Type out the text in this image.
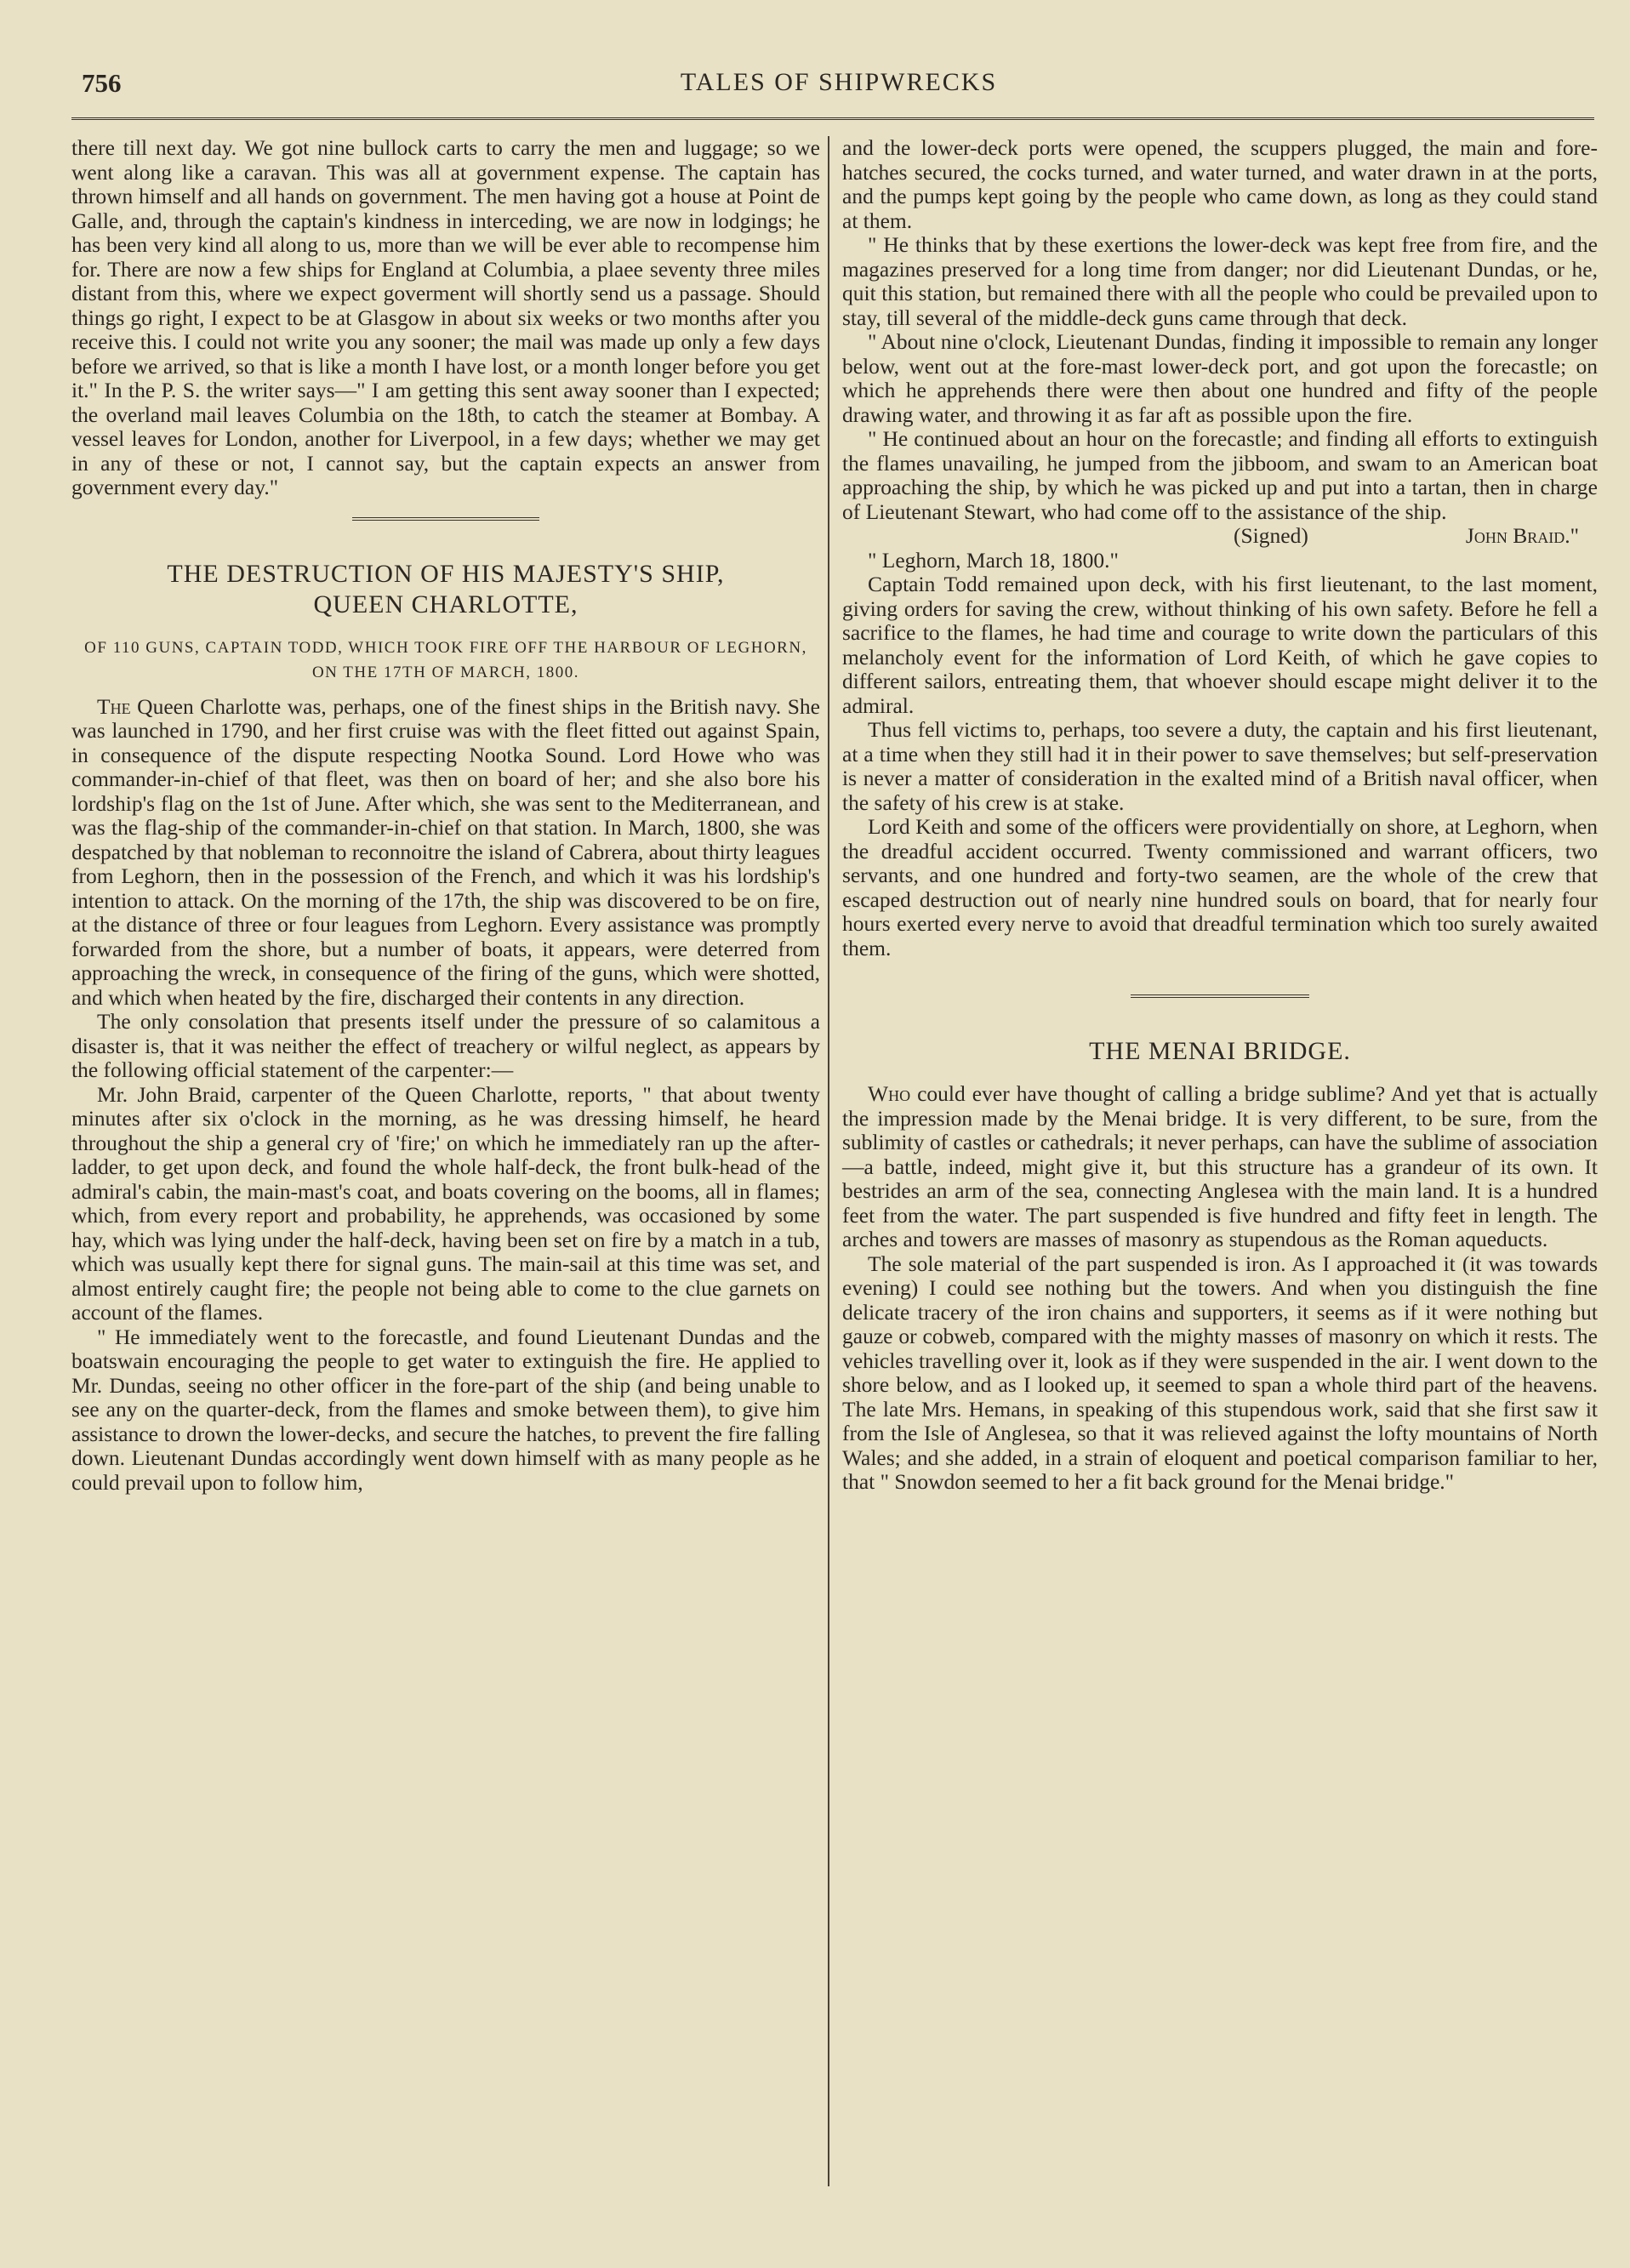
756	TALES OF SHIPWRECKS

there till next day. We got nine bullock carts to carry the men and luggage; so we went along like a caravan. This was all at government expense. The captain has thrown himself and all hands on government. The men having got a house at Point de Galle, and, through the captain's kindness in interceding, we are now in lodgings; he has been very kind all along to us, more than we will be ever able to recompense him for. There are now a few ships for England at Columbia, a plaee seventy three miles distant from this, where we expect goverment will shortly send us a passage. Should things go right, I expect to be at Glasgow in about six weeks or two months after you receive this. I could not write you any sooner; the mail was made up only a few days before we arrived, so that is like a month I have lost, or a month longer before you get it." In the P. S. the writer says—" I am getting this sent away sooner than I expected; the overland mail leaves Columbia on the 18th, to catch the steamer at Bombay. A vessel leaves for London, another for Liverpool, in a few days; whether we may get in any of these or not, I cannot say, but the captain expects an answer from government every day."

THE DESTRUCTION OF HIS MAJESTY'S SHIP,
QUEEN CHARLOTTE,
OF 110 GUNS, CAPTAIN TODD, WHICH TOOK FIRE OFF THE HARBOUR OF LEGHORN, ON THE 17TH OF MARCH, 1800.

The Queen Charlotte was, perhaps, one of the finest ships in the British navy. She was launched in 1790, and her first cruise was with the fleet fitted out against Spain, in consequence of the dispute respecting Nootka Sound. Lord Howe who was commander-in-chief of that fleet, was then on board of her; and she also bore his lordship's flag on the 1st of June. After which, she was sent to the Mediterranean, and was the flag-ship of the commander-in-chief on that station. In March, 1800, she was despatched by that nobleman to reconnoitre the island of Cabrera, about thirty leagues from Leghorn, then in the possession of the French, and which it was his lordship's intention to attack. On the morning of the 17th, the ship was discovered to be on fire, at the distance of three or four leagues from Leghorn. Every assistance was promptly forwarded from the shore, but a number of boats, it appears, were deterred from approaching the wreck, in consequence of the firing of the guns, which were shotted, and which when heated by the fire, discharged their contents in any direction.

The only consolation that presents itself under the pressure of so calamitous a disaster is, that it was neither the effect of treachery or wilful neglect, as appears by the following official statement of the carpenter:—

Mr. John Braid, carpenter of the Queen Charlotte, reports, " that about twenty minutes after six o'clock in the morning, as he was dressing himself, he heard throughout the ship a general cry of 'fire;' on which he immediately ran up the after-ladder, to get upon deck, and found the whole half-deck, the front bulk-head of the admiral's cabin, the main-mast's coat, and boats covering on the booms, all in flames; which, from every report and probability, he apprehends, was occasioned by some hay, which was lying under the half-deck, having been set on fire by a match in a tub, which was usually kept there for signal guns. The main-sail at this time was set, and almost entirely caught fire; the people not being able to come to the clue garnets on account of the flames.

" He immediately went to the forecastle, and found Lieutenant Dundas and the boatswain encouraging the people to get water to extinguish the fire. He applied to Mr. Dundas, seeing no other officer in the fore-part of the ship (and being unable to see any on the quarter-deck, from the flames and smoke between them), to give him assistance to drown the lower-decks, and secure the hatches, to prevent the fire falling down. Lieutenant Dundas accordingly went down himself with as many people as he could prevail upon to follow him,

and the lower-deck ports were opened, the scuppers plugged, the main and fore-hatches secured, the cocks turned, and water turned, and water drawn in at the ports, and the pumps kept going by the people who came down, as long as they could stand at them.

" He thinks that by these exertions the lower-deck was kept free from fire, and the magazines preserved for a long time from danger; nor did Lieutenant Dundas, or he, quit this station, but remained there with all the people who could be prevailed upon to stay, till several of the middle-deck guns came through that deck.

" About nine o'clock, Lieutenant Dundas, finding it impossible to remain any longer below, went out at the fore-mast lower-deck port, and got upon the forecastle; on which he apprehends there were then about one hundred and fifty of the people drawing water, and throwing it as far aft as possible upon the fire.

" He continued about an hour on the forecastle; and finding all efforts to extinguish the flames unavailing, he jumped from the jibboom, and swam to an American boat approaching the ship, by which he was picked up and put into a tartan, then in charge of Lieutenant Stewart, who had come off to the assistance of the ship.

(Signed)	John Braid."

" Leghorn, March 18, 1800."

Captain Todd remained upon deck, with his first lieutenant, to the last moment, giving orders for saving the crew, without thinking of his own safety. Before he fell a sacrifice to the flames, he had time and courage to write down the particulars of this melancholy event for the information of Lord Keith, of which he gave copies to different sailors, entreating them, that whoever should escape might deliver it to the admiral.

Thus fell victims to, perhaps, too severe a duty, the captain and his first lieutenant, at a time when they still had it in their power to save themselves; but self-preservation is never a matter of consideration in the exalted mind of a British naval officer, when the safety of his crew is at stake.

Lord Keith and some of the officers were providentially on shore, at Leghorn, when the dreadful accident occurred. Twenty commissioned and warrant officers, two servants, and one hundred and forty-two seamen, are the whole of the crew that escaped destruction out of nearly nine hundred souls on board, that for nearly four hours exerted every nerve to avoid that dreadful termination which too surely awaited them.

THE MENAI BRIDGE.

Who could ever have thought of calling a bridge sublime? And yet that is actually the impression made by the Menai bridge. It is very different, to be sure, from the sublimity of castles or cathedrals; it never perhaps, can have the sublime of association—a battle, indeed, might give it, but this structure has a grandeur of its own. It bestrides an arm of the sea, connecting Anglesea with the main land. It is a hundred feet from the water. The part suspended is five hundred and fifty feet in length. The arches and towers are masses of masonry as stupendous as the Roman aqueducts.

The sole material of the part suspended is iron. As I approached it (it was towards evening) I could see nothing but the towers. And when you distinguish the fine delicate tracery of the iron chains and supporters, it seems as if it were nothing but gauze or cobweb, compared with the mighty masses of masonry on which it rests. The vehicles travelling over it, look as if they were suspended in the air. I went down to the shore below, and as I looked up, it seemed to span a whole third part of the heavens. The late Mrs. Hemans, in speaking of this stupendous work, said that she first saw it from the Isle of Anglesea, so that it was relieved against the lofty mountains of North Wales; and she added, in a strain of eloquent and poetical comparison familiar to her, that " Snowdon seemed to her a fit back ground for the Menai bridge."
